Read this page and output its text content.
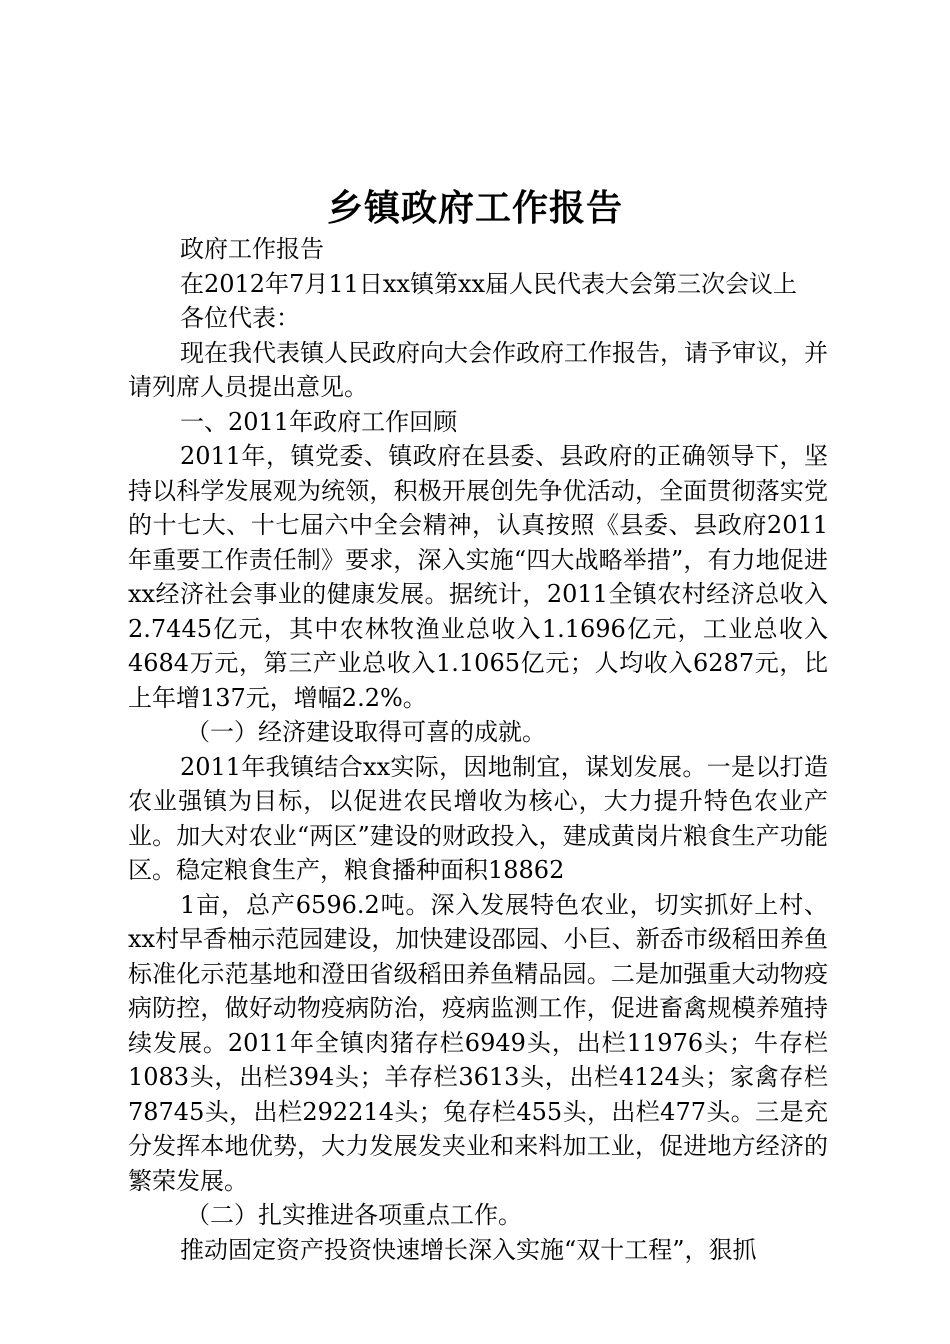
乡镇政府工作报告

政府工作报告

在2012年7月11日xx镇第xx届人民代表大会第三次会议上

各位代表：

现在我代表镇人民政府向大会作政府工作报告，请予审议，并请列席人员提出意见。

一、2011年政府工作回顾

2011年，镇党委、镇政府在县委、县政府的正确领导下，坚持以科学发展观为统领，积极开展创先争优活动，全面贯彻落实党的十七大、十七届六中全会精神，认真按照《县委、县政府2011年重要工作责任制》要求，深入实施“四大战略举措”，有力地促进xx经济社会事业的健康发展。据统计，2011全镇农村经济总收入2.7445亿元，其中农林牧渔业总收入1.1696亿元，工业总收入4684万元，第三产业总收入1.1065亿元；人均收入6287元，比上年增137元，增幅2.2%。

（一）经济建设取得可喜的成就。

2011年我镇结合xx实际，因地制宜，谋划发展。一是以打造农业强镇为目标，以促进农民增收为核心，大力提升特色农业产业。加大对农业“两区”建设的财政投入，建成黄岗片粮食生产功能区。稳定粮食生产，粮食播种面积18862

1亩，总产6596.2吨。深入发展特色农业，切实抓好上村、xx村早香柚示范园建设，加快建设邵园、小巨、新岙市级稻田养鱼标准化示范基地和澄田省级稻田养鱼精品园。二是加强重大动物疫病防控，做好动物疫病防治，疫病监测工作，促进畜禽规模养殖持续发展。2011年全镇肉猪存栏6949头，出栏11976头；牛存栏1083头，出栏394头；羊存栏3613头，出栏4124头；家禽存栏78745头，出栏292214头；兔存栏455头，出栏477头。三是充分发挥本地优势，大力发展发夹业和来料加工业，促进地方经济的繁荣发展。

（二）扎实推进各项重点工作。

推动固定资产投资快速增长深入实施“双十工程”，狠抓
